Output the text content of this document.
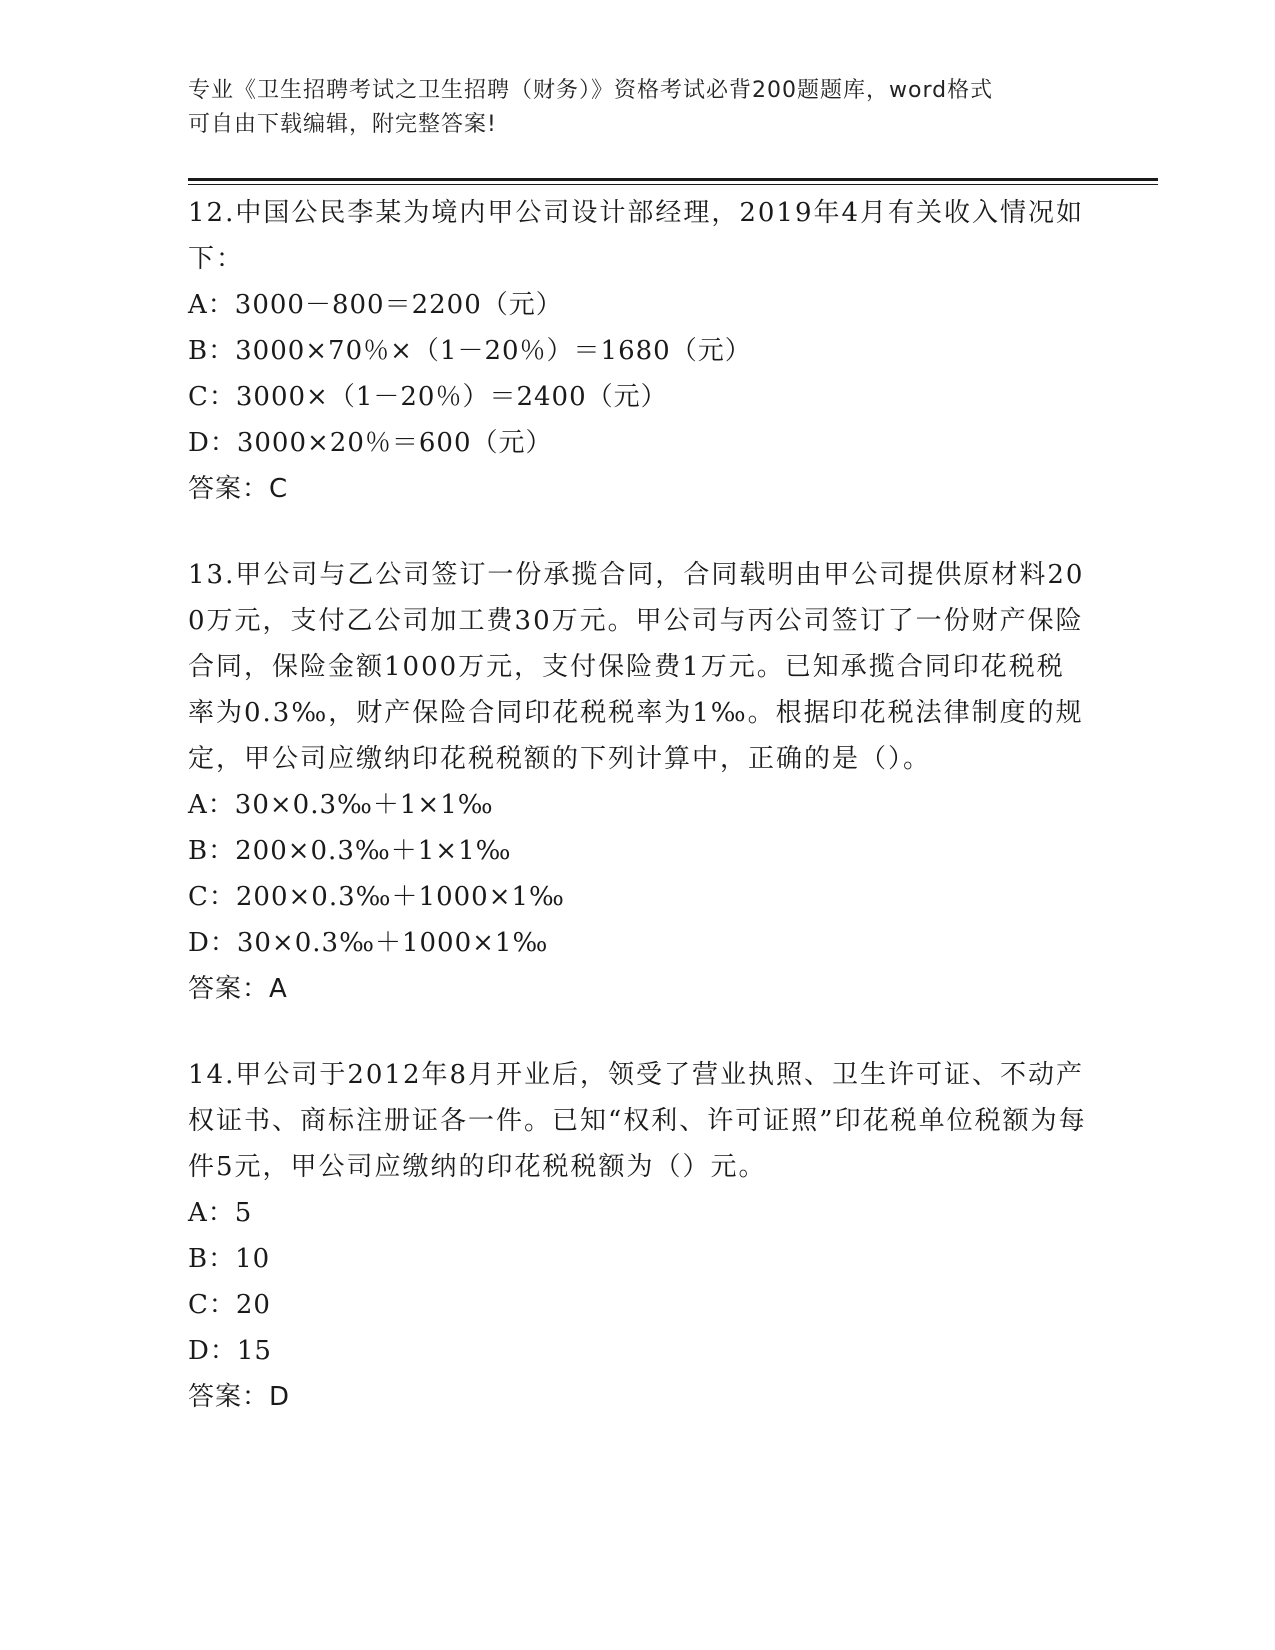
专业《卫生招聘考试之卫生招聘（财务）》资格考试必背200题题库，word格式
可自由下载编辑，附完整答案!

12.中国公民李某为境内甲公司设计部经理，2019年4月有关收入情况如下：

A：3000－800＝2200（元）

B：3000×70％×（1－20％）＝1680（元）

C：3000×（1－20％）＝2400（元）

D：3000×20％＝600（元）

答案：C

13.甲公司与乙公司签订一份承揽合同，合同载明由甲公司提供原材料200万元，支付乙公司加工费30万元。甲公司与丙公司签订了一份财产保险合同，保险金额1000万元，支付保险费1万元。已知承揽合同印花税税率为0.3‰，财产保险合同印花税税率为1‰。根据印花税法律制度的规定，甲公司应缴纳印花税税额的下列计算中，正确的是（）。

A：30×0.3‰＋1×1‰

B：200×0.3‰＋1×1‰

C：200×0.3‰＋1000×1‰

D：30×0.3‰＋1000×1‰

答案：A

14.甲公司于2012年8月开业后，领受了营业执照、卫生许可证、不动产权证书、商标注册证各一件。已知“权利、许可证照”印花税单位税额为每件5元，甲公司应缴纳的印花税税额为（）元。

A：5

B：10

C：20

D：15

答案：D
